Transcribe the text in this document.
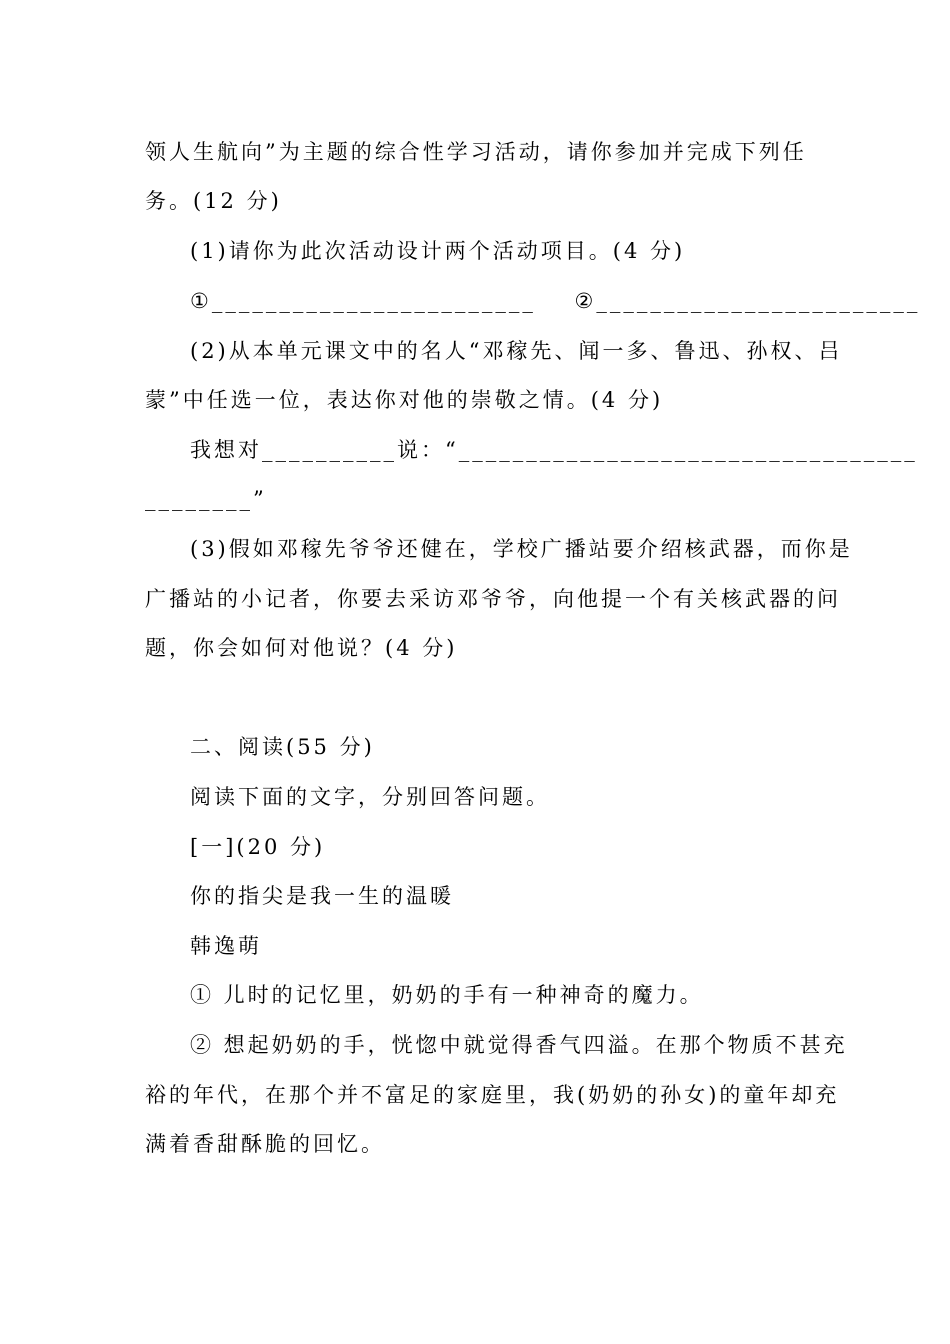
领人生航向”为主题的综合性学习活动，请你参加并完成下列任
务。(12 分)
(1)请你为此次活动设计两个活动项目。(4 分)
①________________________    ②________________________
(2)从本单元课文中的名人“邓稼先、闻一多、鲁迅、孙权、吕
蒙”中任选一位，表达你对他的崇敬之情。(4 分)
我想对__________说：“__________________________________
________”
(3)假如邓稼先爷爷还健在，学校广播站要介绍核武器，而你是
广播站的小记者，你要去采访邓爷爷，向他提一个有关核武器的问
题，你会如何对他说？(4 分)
二、阅读(55 分)
阅读下面的文字，分别回答问题。
[一](20 分)
你的指尖是我一生的温暖
韩逸萌
① 儿时的记忆里，奶奶的手有一种神奇的魔力。
② 想起奶奶的手，恍惚中就觉得香气四溢。在那个物质不甚充
裕的年代，在那个并不富足的家庭里，我(奶奶的孙女)的童年却充
满着香甜酥脆的回忆。
